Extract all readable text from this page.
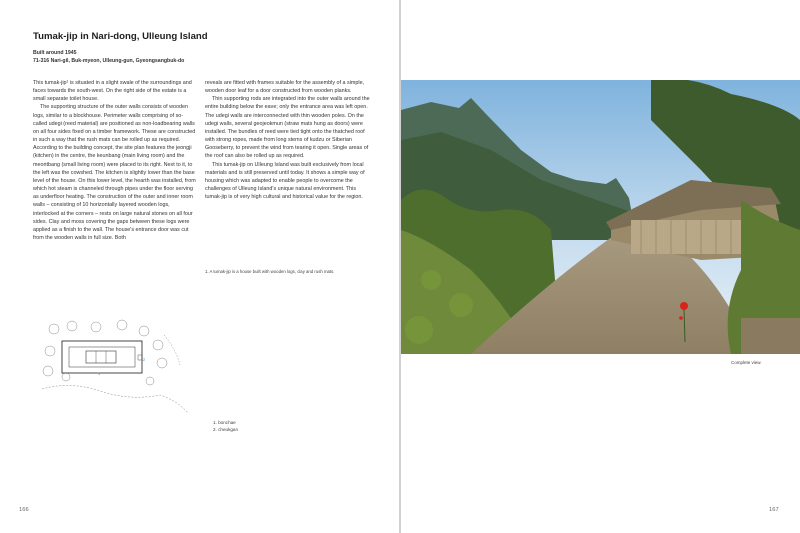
Tumak-jip in Nari-dong, Ulleung Island
Built around 1945
71-316 Nari-gil, Buk-myeon, Ulleung-gun, Gyeongsangbuk-do

This tumak-jip¹ is situated in a slight swale of the surroundings and faces towards the south-west. On the right side of the estate is a small separate toilet house.

The supporting structure of the outer walls consists of wooden logs, similar to a blockhouse. Perimeter walls comprising of so-called udegi (reed material) are positioned as non-loadbearing walls on all four sides fixed on a timber framework. These are constructed in such a way that the rush mats can be rolled up as required. According to the building concept, the site plan features the jeongji (kitchen) in the centre, the keunbang (main living room) and the meoritbang (small living room) were placed to its right. Next to it, to the left was the cowshed. The kitchen is slightly lower than the base level of the house. On this lower level, the hearth was installed, from which hot steam is channeled through pipes under the floor serving as underfloor heating. The construction of the outer and inner room walls – consisting of 10 horizontally layered wooden logs, interlocked at the corners – rests on large natural stones on all four sides. Clay and moss covering the gaps between these logs were applied as a finish to the wall. The house's entrance door was cut from the wooden walls in full size. Both

reveals are fitted with frames suitable for the assembly of a simple, wooden door leaf for a door constructed from wooden planks.

Thin supporting rods are integrated into the outer walls around the entire building below the eave; only the entrance area was left open. The udegi walls are interconnected with thin wooden poles. On the udegi walls, several geojeokmun (straw mats hung as doors) were installed. The bundles of reed were tied tight onto the thatched roof with strong ropes, made from long stems of kudzu or Siberian Gooseberry, to prevent the wind from tearing it open. Single areas of the roof can also be rolled up as required.

This tumak-jip on Ulleung Island was built exclusively from local materials and is still preserved until today. It shows a simple way of housing which was adapted to enable people to overcome the challenges of Ulleung Island's unique natural environment. This tumak-jip is of very high cultural and historical value for the region.

1. A tumak-jip is a house built with wooden logs, clay and rush mats.
1
2
1. bonchae
2. cheukgan
166	167
Complete view.
